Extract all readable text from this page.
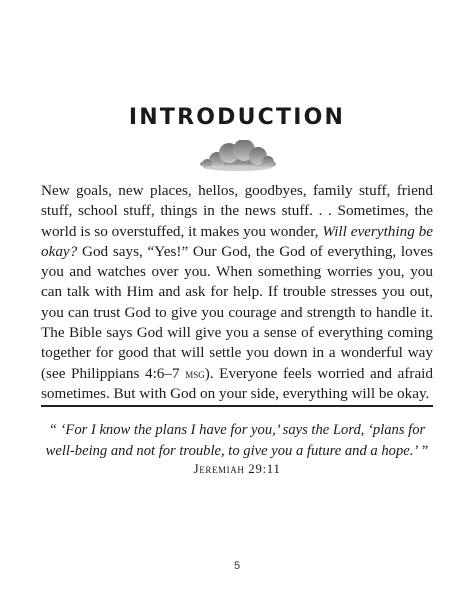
INTRODUCTION

New goals, new places, hellos, goodbyes, family stuff, friend stuff, school stuff, things in the news stuff. . . Sometimes, the world is so overstuffed, it makes you wonder, Will everything be okay? God says, “Yes!” Our God, the God of everything, loves you and watches over you. When something worries you, you can talk with Him and ask for help. If trouble stresses you out, you can trust God to give you courage and strength to handle it. The Bible says God will give you a sense of everything coming together for good that will settle you down in a wonderful way (see Philippians 4:6–7 msg). Everyone feels worried and afraid sometimes. But with God on your side, everything will be okay.

“ ‘For I know the plans I have for you,’ says the Lord, ‘plans for well-being and not for trouble, to give you a future and a hope.’ ”

Jeremiah 29:11
5
